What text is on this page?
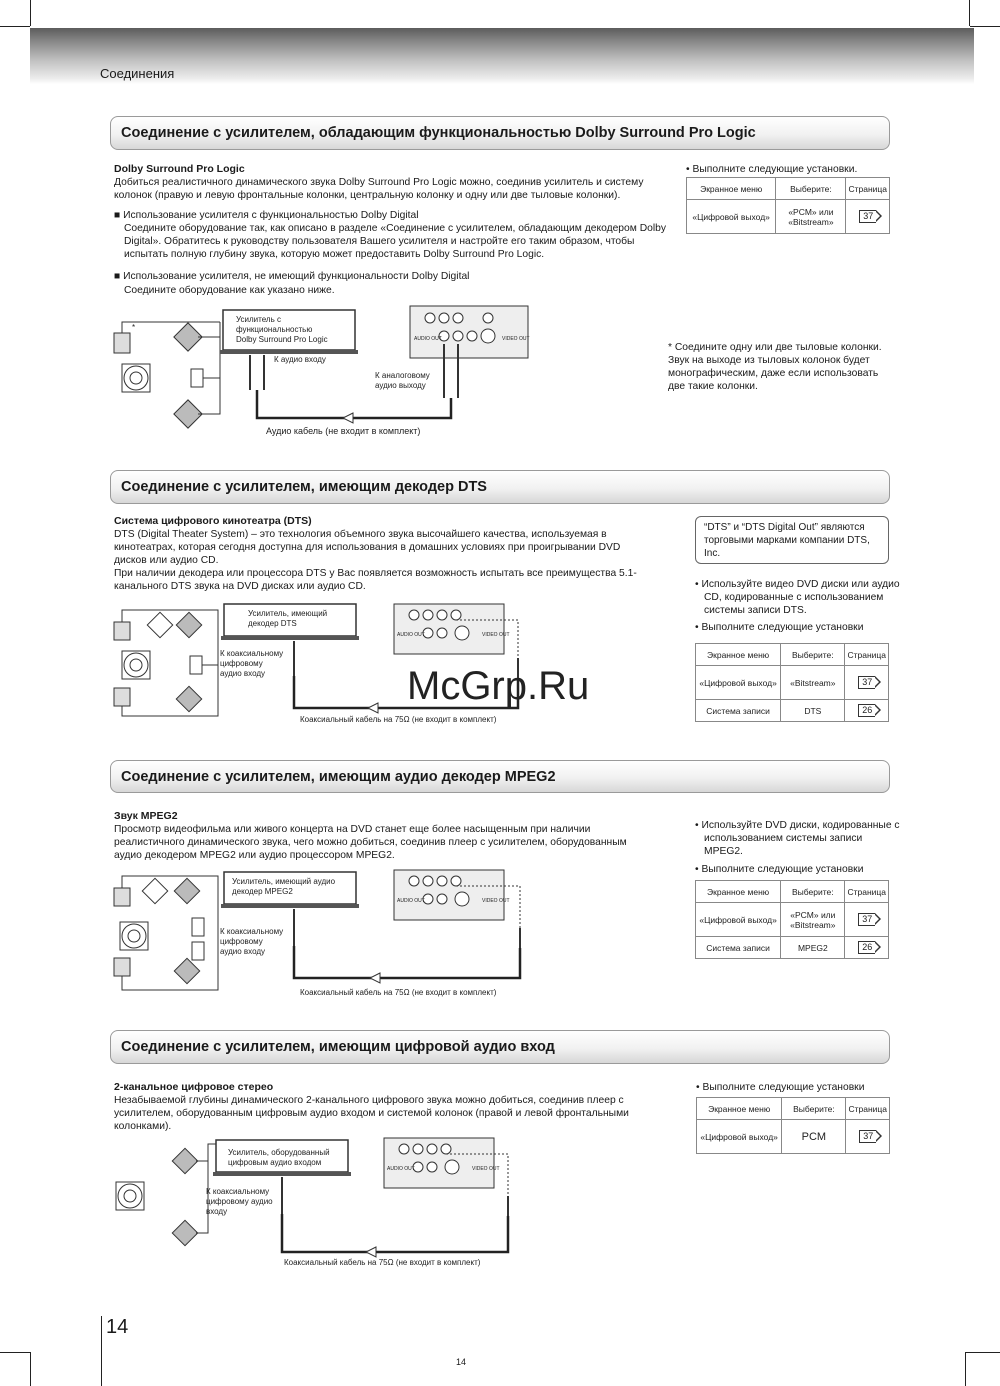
Соединения
Соединение с усилителем, обладающим функциональностью Dolby Surround Pro Logic
Dolby Surround Pro Logic

Добиться реалистичного динамического звука Dolby Surround Pro Logic можно, соединив усилитель и систему колонок (правую и левую фронтальные колонки, центральную колонку и одну или две тыловые колонки).

■ Использование усилителя с функциональностью Dolby Digital

Соедините оборудование так, как описано в разделе «Соединение с усилителем, обладающим декодером Dolby Digital». Обратитесь к руководству пользователя Вашего усилителя и настройте его таким образом, чтобы испытать полную глубину звука, которую может предоставить Dolby Surround Pro Logic.

■ Использование усилителя, не имеющий функциональности Dolby Digital

Соедините оборудование как указано ниже.

• Выполните следующие установки.
Экранное меню	Выберите:	Страница
«Цифровой выход»	«PCM» или «Bitstream»	37

* Соедините одну или две тыловые колонки. Звук на выходе из тыловых колонок будет монографическим, даже если использовать две такие колонки.

*
Усилитель с функциональностью Dolby Surround Pro Logic
К аудио входу
AUDIO OUT	VIDEO OUT
К аналоговому аудио выходу
Аудио кабель (не входит в комплект)
Соединение с усилителем, имеющим декодер DTS
Система цифрового кинотеатра (DTS)

DTS (Digital Theater System) – это технология объемного звука высочайшего качества, используемая в кинотеатрах, которая сегодня доступна для использования в домашних условиях при проигрывании DVD дисков или аудио CD.

При наличии декодера или процессора DTS у Вас появляется возможность испытать все преимущества 5.1-канального DTS звука на DVD дисках или аудио CD.

“DTS” и “DTS Digital Out” являются торговыми марками компании DTS, Inc.
• Используйте видео DVD диски или аудио CD, кодированные с использованием системы записи DTS.
• Выполните следующие установки
Экранное меню	Выберите:	Страница
«Цифровой выход»	«Bitstream»	37
Система записи	DTS	26
Усилитель, имеющий декодер DTS
К коаксиальному цифровому аудио входу
AUDIO OUT	VIDEO OUT
Коаксиальный кабель на 75Ω (не входит в комплект)
McGrp.Ru
Соединение с усилителем, имеющим аудио декодер MPEG2
Звук MPEG2

Просмотр видеофильма или живого концерта на DVD станет еще более насыщенным при наличии реалистичного динамического звука, чего можно добиться, соединив плеер с усилителем, оборудованным аудио декодером MPEG2 или аудио процессором MPEG2.

• Используйте DVD диски, кодированные с использованием системы записи MPEG2.
• Выполните следующие установки
Экранное меню	Выберите:	Страница
«Цифровой выход»	«PCM» или «Bitstream»	37
Система записи	MPEG2	26
Усилитель, имеющий аудио декодер MPEG2
К коаксиальному цифровому аудио входу
AUDIO OUT	VIDEO OUT
Коаксиальный кабель на 75Ω (не входит в комплект)
Соединение с усилителем, имеющим цифровой аудио вход
2-канальное цифровое стерео

Незабываемой глубины динамического 2-канального цифрового звука можно добиться, соединив плеер с усилителем, оборудованным цифровым аудио входом и системой колонок (правой и левой фронтальными колонками).

• Выполните следующие установки
Экранное меню	Выберите:	Страница
«Цифровой выход»	PCM	37
Усилитель, оборудованный цифровым аудио входом
К коаксиальному цифровому аудио входу
AUDIO OUT	VIDEO OUT
Коаксиальный кабель на 75Ω (не входит в комплект)
14
14
